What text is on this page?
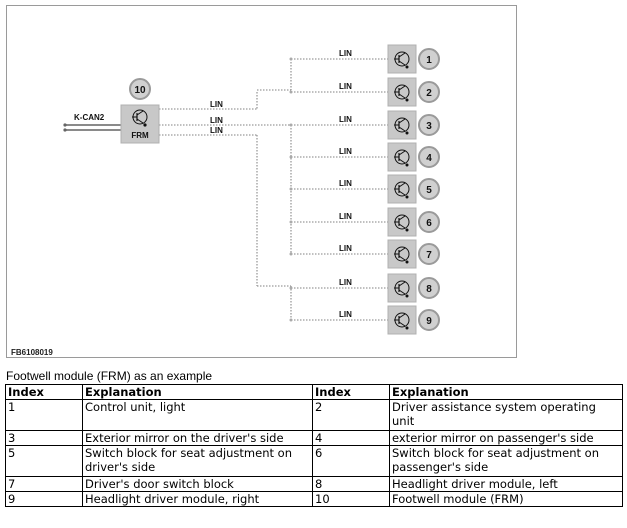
K-CAN2
FRM
10
LIN
LIN
LIN
LIN
LIN
LIN
LIN
LIN
LIN
LIN
LIN
LIN
1
2
3
4
5
6
7
8
9
FB6108019
Footwell module (FRM) as an example
Index	Explanation	Index	Explanation
1	Control unit, light	2	Driver assistance system operating unit
3	Exterior mirror on the driver's side	4	exterior mirror on passenger's side
5	Switch block for seat adjustment on driver's side	6	Switch block for seat adjustment on passenger's side
7	Driver's door switch block	8	Headlight driver module, left
9	Headlight driver module, right	10	Footwell module (FRM)
